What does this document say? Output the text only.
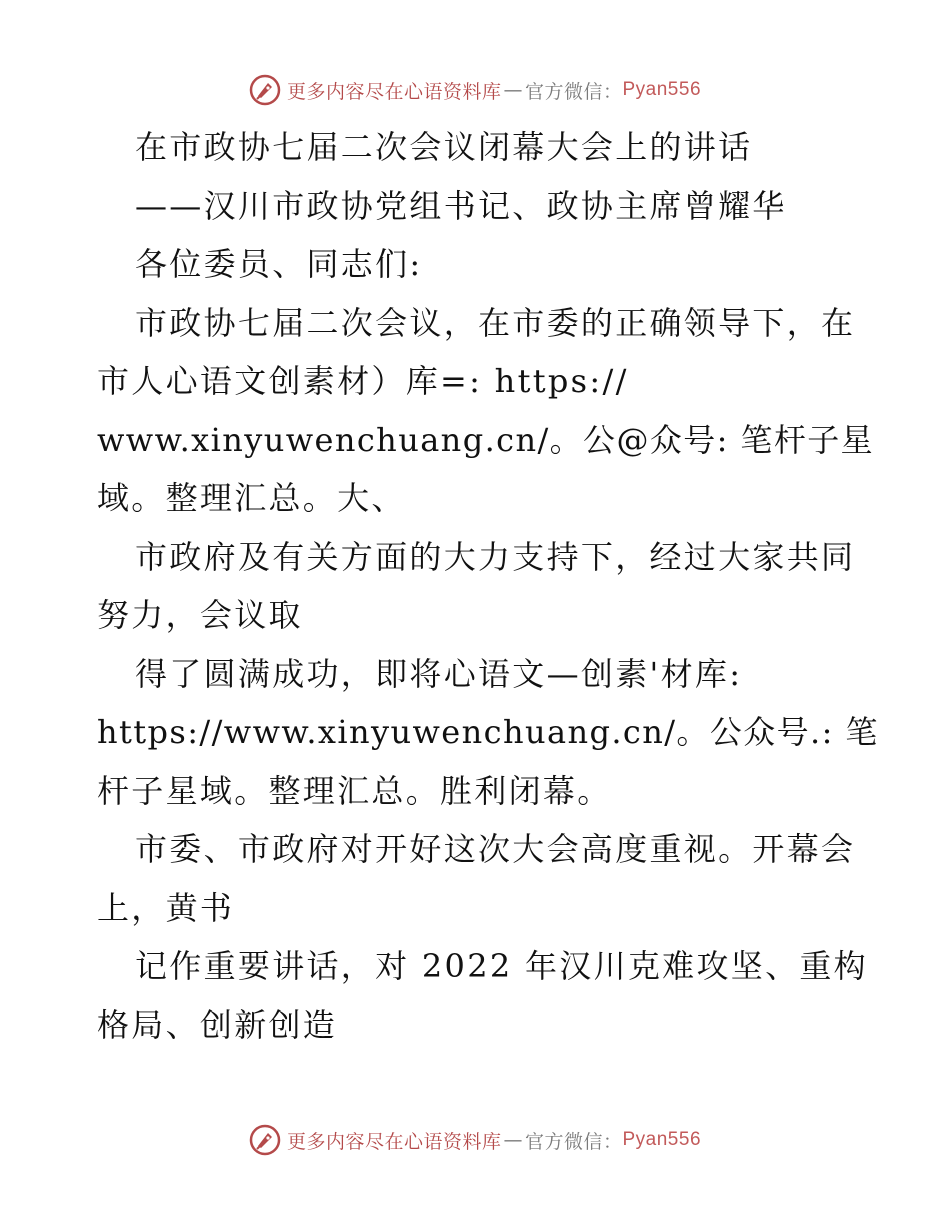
更多内容尽在心语资料库 — 官方微信： Pyan556
在市政协七届二次会议闭幕大会上的讲话
——汉川市政协党组书记、政协主席曾耀华
各位委员、同志们:
市政协七届二次会议，在市委的正确领导下，在
市人心语文创素材）库=: https://
www.xinyuwenchuang.cn/。公@众号: 笔杆子星
域。整理汇总。大、
市政府及有关方面的大力支持下，经过大家共同
努力，会议取
得了圆满成功，即将心语文—创素'材库:
https://www.xinyuwenchuang.cn/。公众号.: 笔
杆子星域。整理汇总。胜利闭幕。
市委、市政府对开好这次大会高度重视。开幕会
上，黄书
记作重要讲话，对 2022 年汉川克难攻坚、重构
格局、创新创造
更多内容尽在心语资料库 — 官方微信： Pyan556
